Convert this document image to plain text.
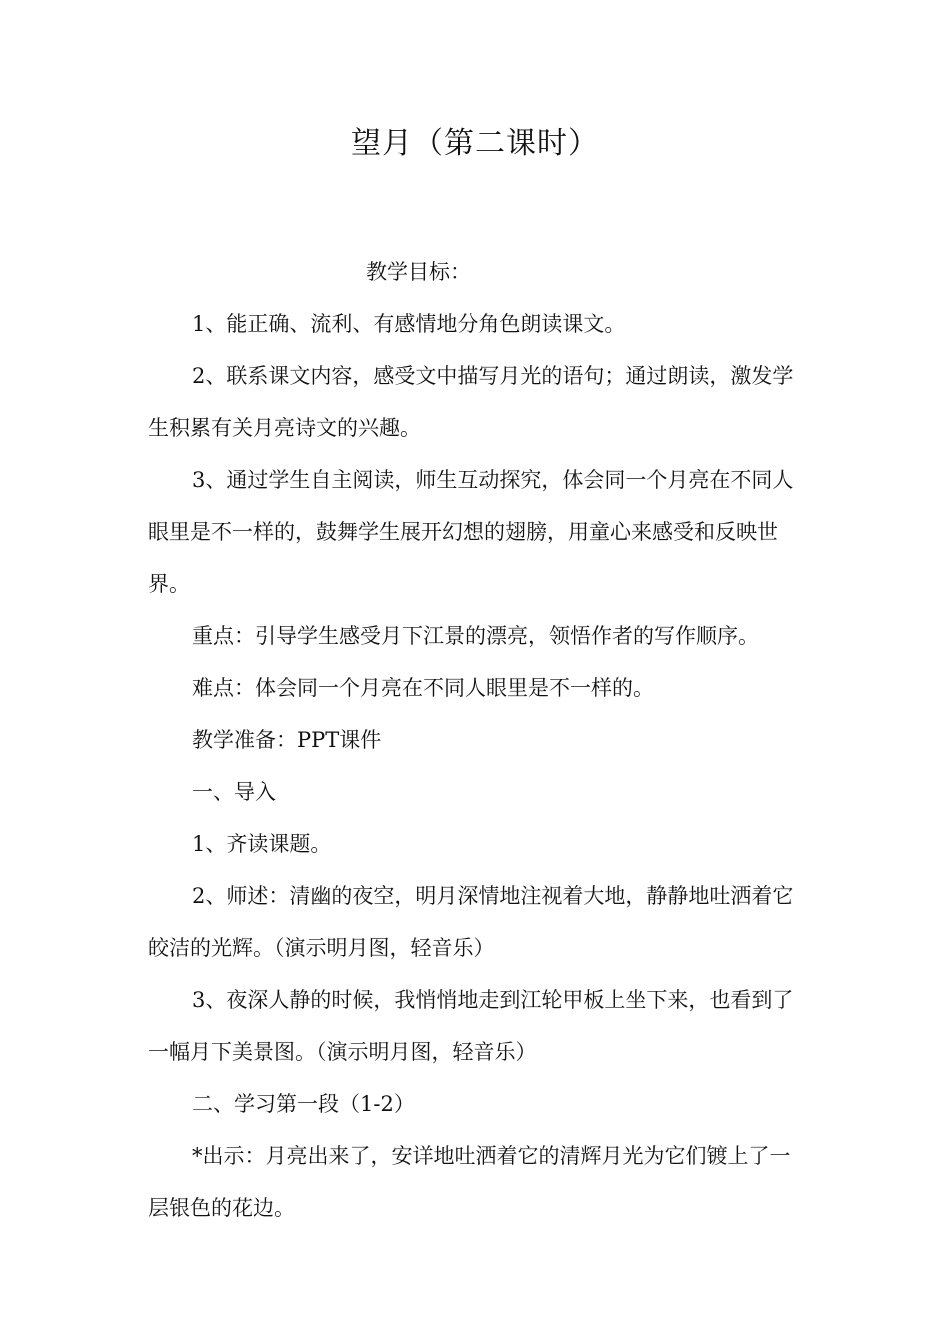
望月（第二课时）

教学目标：

1、能正确、流利、有感情地分角色朗读课文。

2、联系课文内容，感受文中描写月光的语句；通过朗读，激发学生积累有关月亮诗文的兴趣。

3、通过学生自主阅读，师生互动探究，体会同一个月亮在不同人眼里是不一样的，鼓舞学生展开幻想的翅膀，用童心来感受和反映世界。

重点：引导学生感受月下江景的漂亮，领悟作者的写作顺序。

难点：体会同一个月亮在不同人眼里是不一样的。

教学准备：PPT课件

一、导入

1、齐读课题。

2、师述：清幽的夜空，明月深情地注视着大地，静静地吐洒着它皎洁的光辉。（演示明月图，轻音乐）

3、夜深人静的时候，我悄悄地走到江轮甲板上坐下来，也看到了一幅月下美景图。（演示明月图，轻音乐）

二、学习第一段（1-2）

*出示：月亮出来了，安详地吐洒着它的清辉月光为它们镀上了一层银色的花边。
